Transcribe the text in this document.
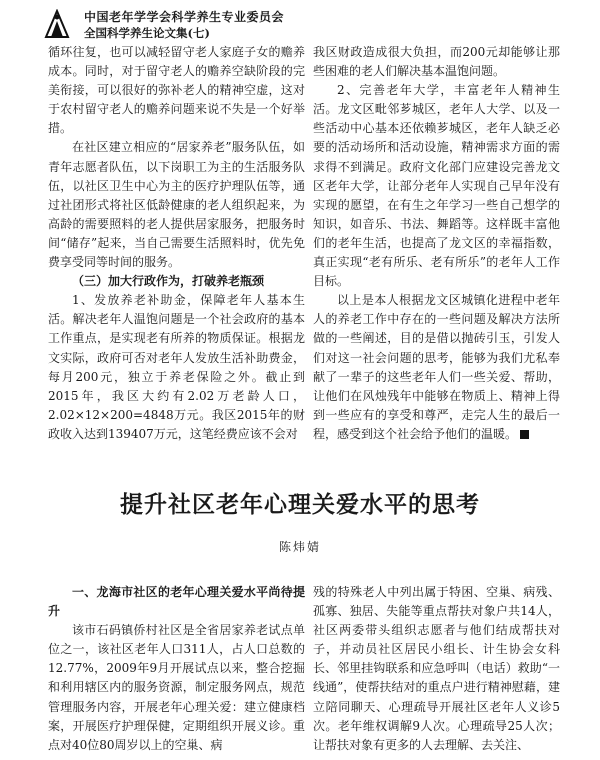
中国老年学学会科学养生专业委员会
全国科学养生论文集(七)

循环往复，也可以减轻留守老人家庭子女的赡养成本。同时，对于留守老人的赡养空缺阶段的完美衔接，可以很好的弥补老人的精神空虚，这对于农村留守老人的赡养问题来说不失是一个好举措。

在社区建立相应的“居家养老”服务队伍，如青年志愿者队伍，以下岗职工为主的生活服务队伍，以社区卫生中心为主的医疗护理队伍等，通过社团形式将社区低龄健康的老人组织起来，为高龄的需要照料的老人提供居家服务，把服务时间“储存”起来，当自己需要生活照料时，优先免费享受同等时间的服务。

（三）加大行政作为，打破养老瓶颈

1、发放养老补助金，保障老年人基本生活。解决老年人温饱问题是一个社会政府的基本工作重点，是实现老有所养的物质保证。根据龙文实际，政府可否对老年人发放生活补助费金，每月200元，独立于养老保险之外。截止到2015年，我区大约有2.02万老龄人口，2.02×12×200=4848万元。我区2015年的财政收入达到139407万元，这笔经费应该不会对

我区财政造成很大负担，而200元却能够让那些困难的老人们解决基本温饱问题。

2、完善老年大学，丰富老年人精神生活。龙文区毗邻芗城区，老年人大学、以及一些活动中心基本还依赖芗城区，老年人缺乏必要的活动场所和活动设施，精神需求方面的需求得不到满足。政府文化部门应建设完善龙文区老年大学，让部分老年人实现自己早年没有实现的愿望，在有生之年学习一些自己想学的知识，如音乐、书法、舞蹈等。这样既丰富他们的老年生活，也提高了龙文区的幸福指数，真正实现“老有所乐、老有所乐”的老年人工作目标。

以上是本人根据龙文区城镇化进程中老年人的养老工作中存在的一些问题及解决方法所做的一些阐述，目的是借以抛砖引玉，引发人们对这一社会问题的思考，能够为我们尤私奉献了一辈子的这些老年人们一些关爱、帮助，让他们在风烛残年中能够在物质上、精神上得到一些应有的享受和尊严，走完人生的最后一程，感受到这个社会给予他们的温暖。

提升社区老年心理关爱水平的思考
陈炜婧

一、龙海市社区的老年心理关爱水平尚待提升

该市石码镇侨村社区是全省居家养老试点单位之一，该社区老年人口311人，占人口总数的12.77%，2009年9月开展试点以来，整合挖掘和利用辖区内的服务资源，制定服务网点，规范管理服务内容，开展老年心理关爱：建立健康档案，开展医疗护理保健，定期组织开展义诊。重点对40位80周岁以上的空巢、病

残的特殊老人中列出属于特困、空巢、病残、孤寡、独居、失能等重点帮扶对象户共14人，社区两委带头组织志愿者与他们结成帮扶对子，并动员社区居民小组长、计生协会女科长、邻里挂钩联系和应急呼叫（电话）救助“一线通”，使帮扶结对的重点户进行精神慰藉，建立陪同聊天、心理疏导开展社区老年人义诊5次。老年维权调解9人次。心理疏导25人次；让帮扶对象有更多的人去理解、去关注、
